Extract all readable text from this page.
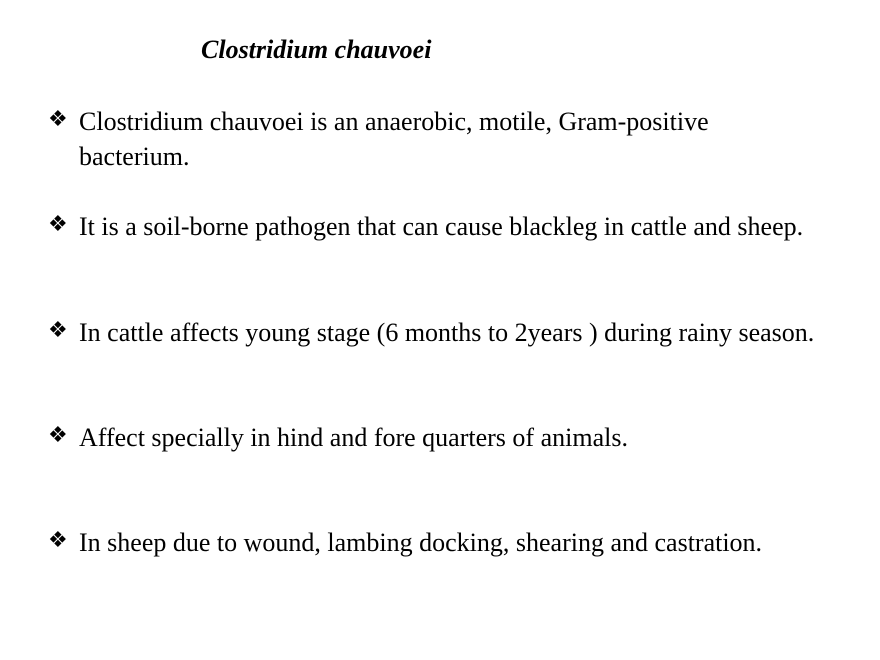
Clostridium chauvoei
❖ Clostridium chauvoei is an anaerobic, motile, Gram-positive bacterium.
❖ It is a soil-borne pathogen that can cause blackleg in cattle and sheep.
❖ In cattle affects young stage (6 months to 2years ) during rainy season.
❖ Affect specially in hind and fore quarters of animals.
❖ In sheep due to wound, lambing docking, shearing and castration.
